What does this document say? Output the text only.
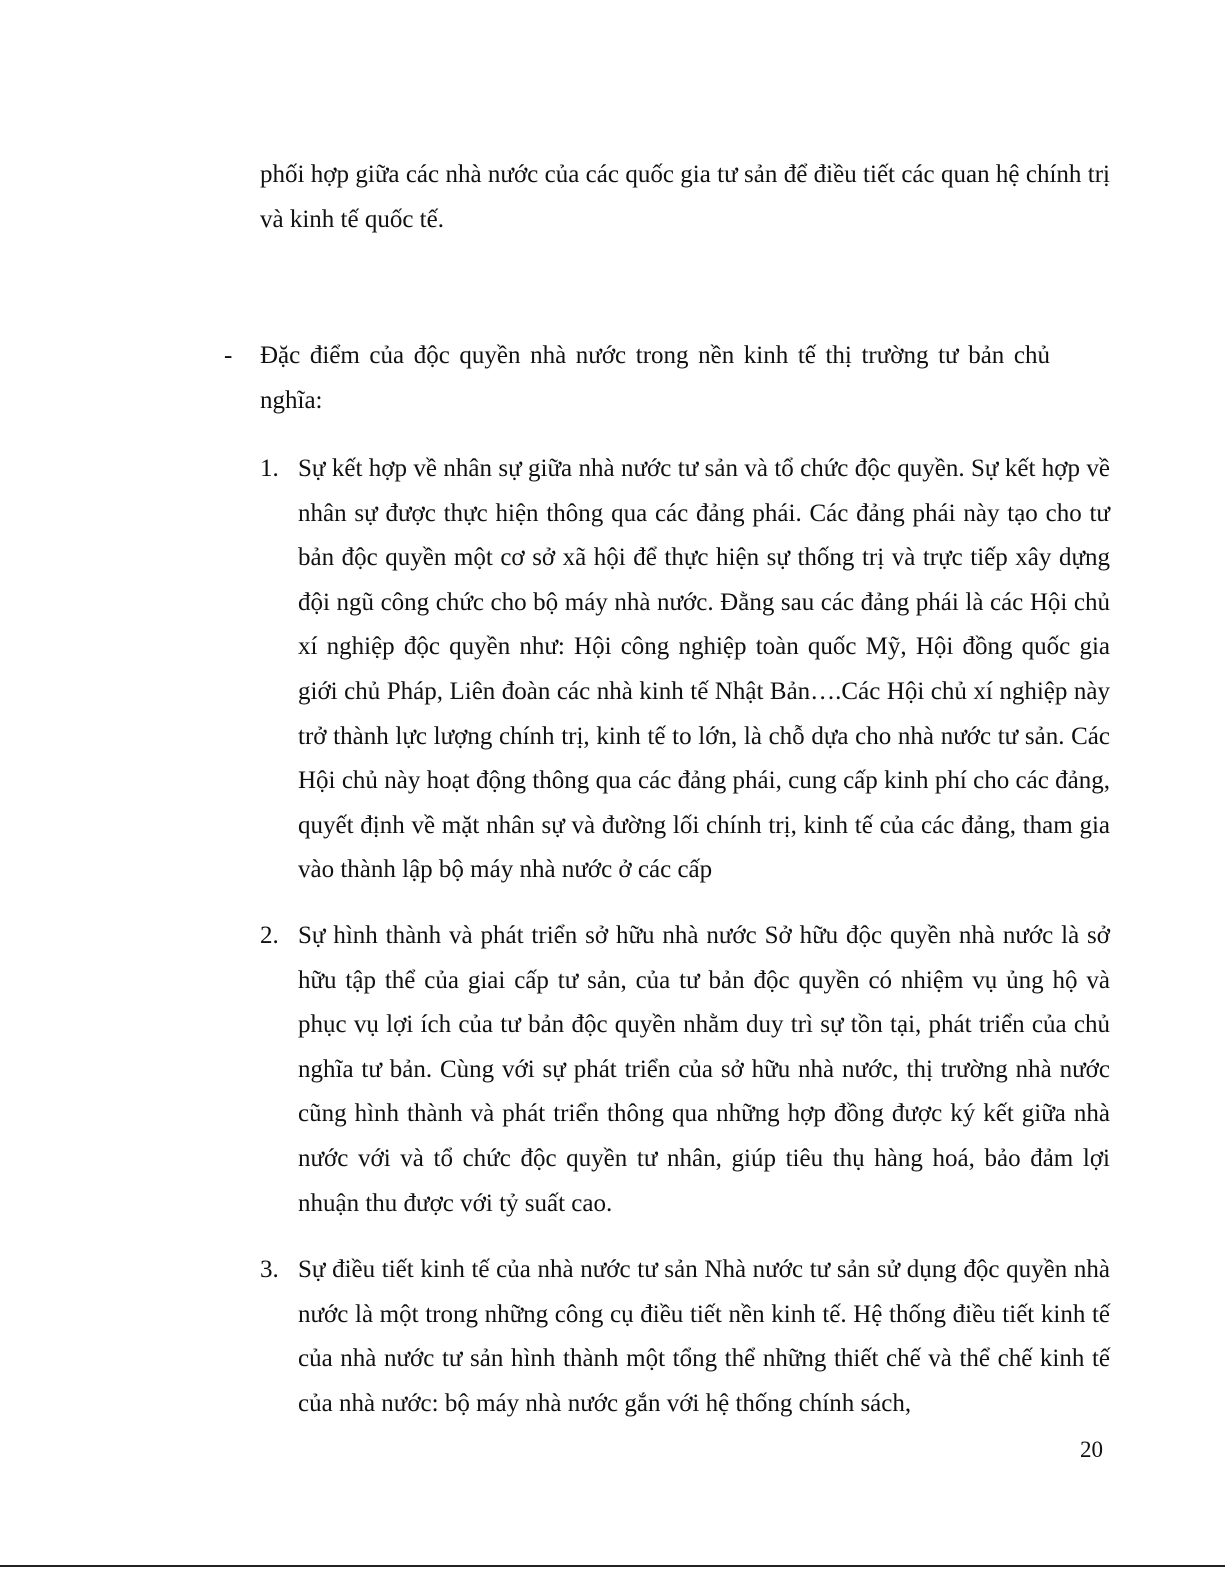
phối hợp giữa các nhà nước của các quốc gia tư sản để điều tiết các quan hệ chính trị và kinh tế quốc tế.

- Đặc điểm của độc quyền nhà nước trong nền kinh tế thị trường tư bản chủ nghĩa:

1. Sự kết hợp về nhân sự giữa nhà nước tư sản và tổ chức độc quyền. Sự kết hợp về nhân sự được thực hiện thông qua các đảng phái. Các đảng phái này tạo cho tư bản độc quyền một cơ sở xã hội để thực hiện sự thống trị và trực tiếp xây dựng đội ngũ công chức cho bộ máy nhà nước. Đằng sau các đảng phái là các Hội chủ xí nghiệp độc quyền như: Hội công nghiệp toàn quốc Mỹ, Hội đồng quốc gia giới chủ Pháp, Liên đoàn các nhà kinh tế Nhật Bản….Các Hội chủ xí nghiệp này trở thành lực lượng chính trị, kinh tế to lớn, là chỗ dựa cho nhà nước tư sản. Các Hội chủ này hoạt động thông qua các đảng phái, cung cấp kinh phí cho các đảng, quyết định về mặt nhân sự và đường lối chính trị, kinh tế của các đảng, tham gia vào thành lập bộ máy nhà nước ở các cấp

2. Sự hình thành và phát triển sở hữu nhà nước Sở hữu độc quyền nhà nước là sở hữu tập thể của giai cấp tư sản, của tư bản độc quyền có nhiệm vụ ủng hộ và phục vụ lợi ích của tư bản độc quyền nhằm duy trì sự tồn tại, phát triển của chủ nghĩa tư bản. Cùng với sự phát triển của sở hữu nhà nước, thị trường nhà nước cũng hình thành và phát triển thông qua những hợp đồng được ký kết giữa nhà nước với và tổ chức độc quyền tư nhân, giúp tiêu thụ hàng hoá, bảo đảm lợi nhuận thu được với tỷ suất cao.

3. Sự điều tiết kinh tế của nhà nước tư sản Nhà nước tư sản sử dụng độc quyền nhà nước là một trong những công cụ điều tiết nền kinh tế. Hệ thống điều tiết kinh tế của nhà nước tư sản hình thành một tổng thể những thiết chế và thể chế kinh tế của nhà nước: bộ máy nhà nước gắn với hệ thống chính sách,

20
